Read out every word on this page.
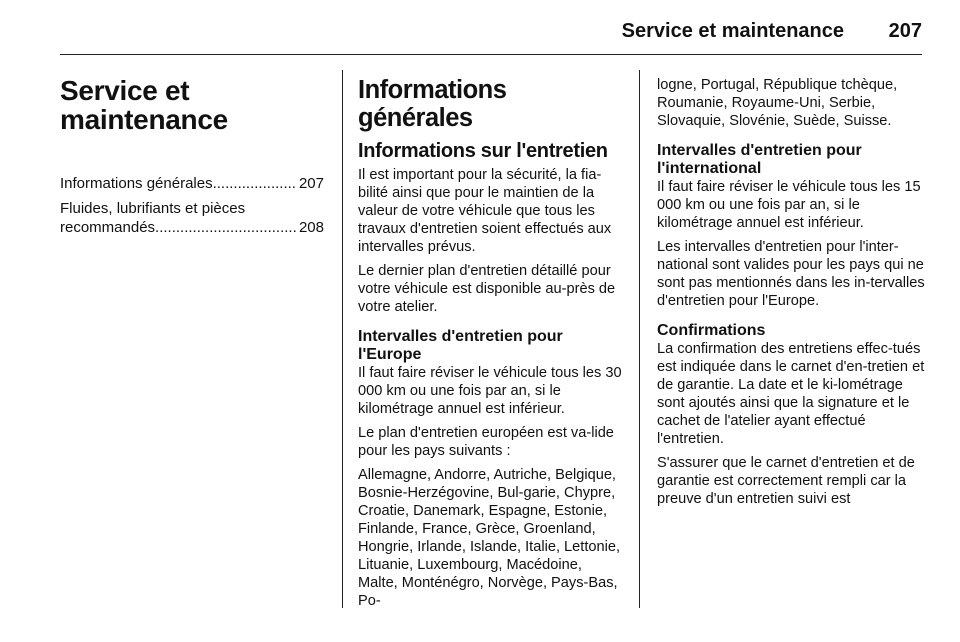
Service et maintenance 207
Service et
maintenance
Informations générales .....	207
Fluides, lubrifiants et pièces
recommandés .....	208
Informations générales
Informations sur l'entretien

Il est important pour la sécurité, la fia-bilité ainsi que pour le maintien de la valeur de votre véhicule que tous les travaux d'entretien soient effectués aux intervalles prévus.

Le dernier plan d'entretien détaillé pour votre véhicule est disponible au-près de votre atelier.

Intervalles d'entretien pour
l'Europe

Il faut faire réviser le véhicule tous les 30 000 km ou une fois par an, si le kilométrage annuel est inférieur.

Le plan d'entretien européen est va-lide pour les pays suivants :

Allemagne, Andorre, Autriche, Belgique, Bosnie-Herzégovine, Bul-garie, Chypre, Croatie, Danemark, Espagne, Estonie, Finlande, France, Grèce, Groenland, Hongrie, Irlande, Islande, Italie, Lettonie, Lituanie, Luxembourg, Macédoine, Malte, Monténégro, Norvège, Pays-Bas, Po-

logne, Portugal, République tchèque, Roumanie, Royaume-Uni, Serbie, Slovaquie, Slovénie, Suède, Suisse.

Intervalles d'entretien pour
l'international

Il faut faire réviser le véhicule tous les 15 000 km ou une fois par an, si le kilométrage annuel est inférieur.

Les intervalles d'entretien pour l'inter-national sont valides pour les pays qui ne sont pas mentionnés dans les in-tervalles d'entretien pour l'Europe.

Confirmations

La confirmation des entretiens effec-tués est indiquée dans le carnet d'en-tretien et de garantie. La date et le ki-lométrage sont ajoutés ainsi que la signature et le cachet de l'atelier ayant effectué l'entretien.

S'assurer que le carnet d'entretien et de garantie est correctement rempli car la preuve d'un entretien suivi est
